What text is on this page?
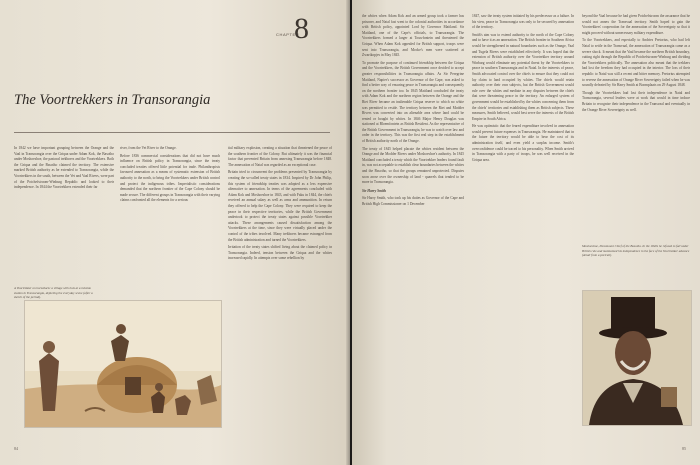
CHAPTER
8
The Voortrekkers in Transorangia

In 1842 we have important grouping between the Orange and the Vaal in Transorangia over the Griqua under Adam Kok, the Basotho under Moshoeshoe, the pastoral trekboers and the Voortrekkers. Both the Griqua and the Basotho claimed the territory. The extensive marked British authority as he extended to Transorangia, while the Voortrekkers in the south, between the Vet and Vaal Rivers, were part of the Potchefstroom-Winburg Republic and looked to their independence. In 1844 the Voortrekkers extended their far

river, from the Vet River to the Orange.

Before 1836 commercial considerations that did not have much influence on British policy in Transorangia, since the treaty concluded treaties offered little potential for trade. Philanthropists favoured annexation as a means of systematic extension of British authority to the north, to bring the Voortrekkers under British control and protect the indigenous tribes. Imperialistic considerations demanded that the northern frontier of the Cape Colony should be made secure. The different groups in Transorangia with their varying claims confronted all the elements for a serious

tial military explosion, creating a situation that threatened the peace of the southern frontier of the Colony. But ultimately it was the financial factor that prevented Britain from annexing Transorangia before 1848. The annexation of Natal was regarded as an exceptional case.

Britain tried to circumvent the problems presented by Transorangia by creating the so-called treaty states in 1834. Inspired by Dr John Philip, this system of friendship treaties was adopted as a less expensive alternative to annexation. In terms of the agreements concluded with Adam Kok and Moshoeshoe in 1843, and with Faku in 1844, the chiefs received an annual salary as well as arms and ammunition. In return they offered to help the Cape Colony. They were required to keep the peace in their respective territories, while the British Government undertook to protect the treaty states against possible Voortrekker attacks. These arrangements caused dissatisfaction among the Voortrekkers at the time, since they were virtually placed under the control of the tribes involved. Many trekboers became estranged from the British administration and turned the Voortrekkers.

Irritation of the treaty states shifted living about the claimed policy in Transorangia. Indeed, tension between the Griqua and the whites increased rapidly. In attempts over some rebellion by

A Voortrekker on horseback: a village with huts at a mission station in Transorangia, depicting the everyday scene (after a sketch of the period).
84

the whites when Adam Kok and an armed group took a farmer has prisoner, and Natal fast went to the colonial authorities in accordance with British policy, appointed Lord by Governor Maitland. Sir Maitland, one of the Cape's officials, to Transorangia. The Voortrekkers formed a larger at Touwfontein and threatened the Griqua. When Adam Kok appealed for British support, troops were sent into Transorangia, and Mocke's men were scattered at Zwartkopjes in May 1845.

To promote the purpose of continued friendship between the Griqua and the Voortrekkers, the British Government once decided to accept greater responsibilities in Transorangia affairs. As Sir Peregrine Maitland, Napier's successor as Governor of the Cape, was asked to find a better way of ensuring peace in Transorangia and consequently on the northern frontier too. In 1845 Maitland concluded the treaty with Adam Kok and the northern region between the Orange and the Riet River became an inalienable Griqua reserve to which no white was permitted to reside. The territory between the Riet and Modder Rivers was converted into an alienable area where land could be rented or bought by whites. In 1846 Major Henry Douglas was stationed at Bloemfontein as British Resident. As the representative of the British Government in Transorangia, he was to watch over law and order in the territory. This was the first real step in the establishment of British authority north of the Orange.

The treaty of 1845 helped placate the whites resident between the Orange and the Modder Rivers under Moshoeshoe's authority. In 1845 Maitland concluded a treaty which the Voortrekker leaders found fault in, was not acceptable to establish clear boundaries between the whites and the Basotho, so that the groups remained unprotected. Disputes soon arose over the ownership of land - quarrels that tended to be more in Transorangia.

Sir Harry Smith

Sir Harry Smith, who took up his duties as Governor of the Cape and British High Commissioner on 1 December

1847, saw the treaty system initiated by his predecessor as a failure. In his view, peace in Transorangia was only to be secured by annexation of the territory.

Smith's aim was to extend authority to the north of the Cape Colony and to have it as an annexation. The British frontier in Southern Africa would be strengthened in natural boundaries such as the Orange, Vaal and Tugela Rivers were established effectively. It was hoped that the extension of British authority over the Voortrekker territory around Winburg would eliminate any potential threat by the Voortrekkers to peace in southern Transorangia and in Natal. In the interests of peace, Smith advocated control over the chiefs to ensure that they could not lay claim to land occupied by whites. The chiefs would retain authority over their own subjects, but the British Government would rule over the whites and mediate in any disputes between the chiefs that were threatening peace in the territory. An enlarged system of government would be established by the whites concerning them from the chiefs' territories and establishing them as British subjects. These measures, Smith believed, would best serve the interests of the British Empire in South Africa.

He was optimistic that the feared expenditure involved in annexation would prevent future expenses in Transorangia. He maintained that in the future the territory would be able to bear the cost of its administration itself, and even yield a surplus income. Smith's overconfidence could be traced to his personality. When Smith arrived in Transorangia with a party of troops, he was well received in the Griqua area.

beyond the Vaal because he had given Potchefstroom the assurance that he would not annex the Transvaal territory. Smith hoped to gain the Voortrekkers' cooperation for the annexation of the Sovereignty so that it might proceed without unnecessary military expenditure.

To the Voortrekkers, and especially to Andries Pretorius, who had left Natal to settle in the Transvaal, the annexation of Transorangia came as a severe shock. It meant that the Vaal became the northern British boundary, cutting right through the Republic of Potchefstroom-Winburg and dividing the Voortrekkers politically. The annexation also meant that the trekkers had lost the freedom they had occupied in the interior. The loss of their republic to Natal was still a recent and bitter memory. Pretorius attempted to reverse the annexation of Orange River Sovereignty failed when he was soundly defeated by Sir Harry Smith at Boomplaats on 29 August 1848.

Though the Voortrekkers had lost their independence in Natal and Transorangia, several leaders were at work that would in time induce Britain to recognise their independence in the Transvaal and eventually in the Orange River Sovereignty as well.

Moshoeshoe, Paramount Chief of the Basotho. In the 1840s he refused to fall under British rule and maintained his independence in the face of the Voortrekker advance (detail from a portrait).
85
